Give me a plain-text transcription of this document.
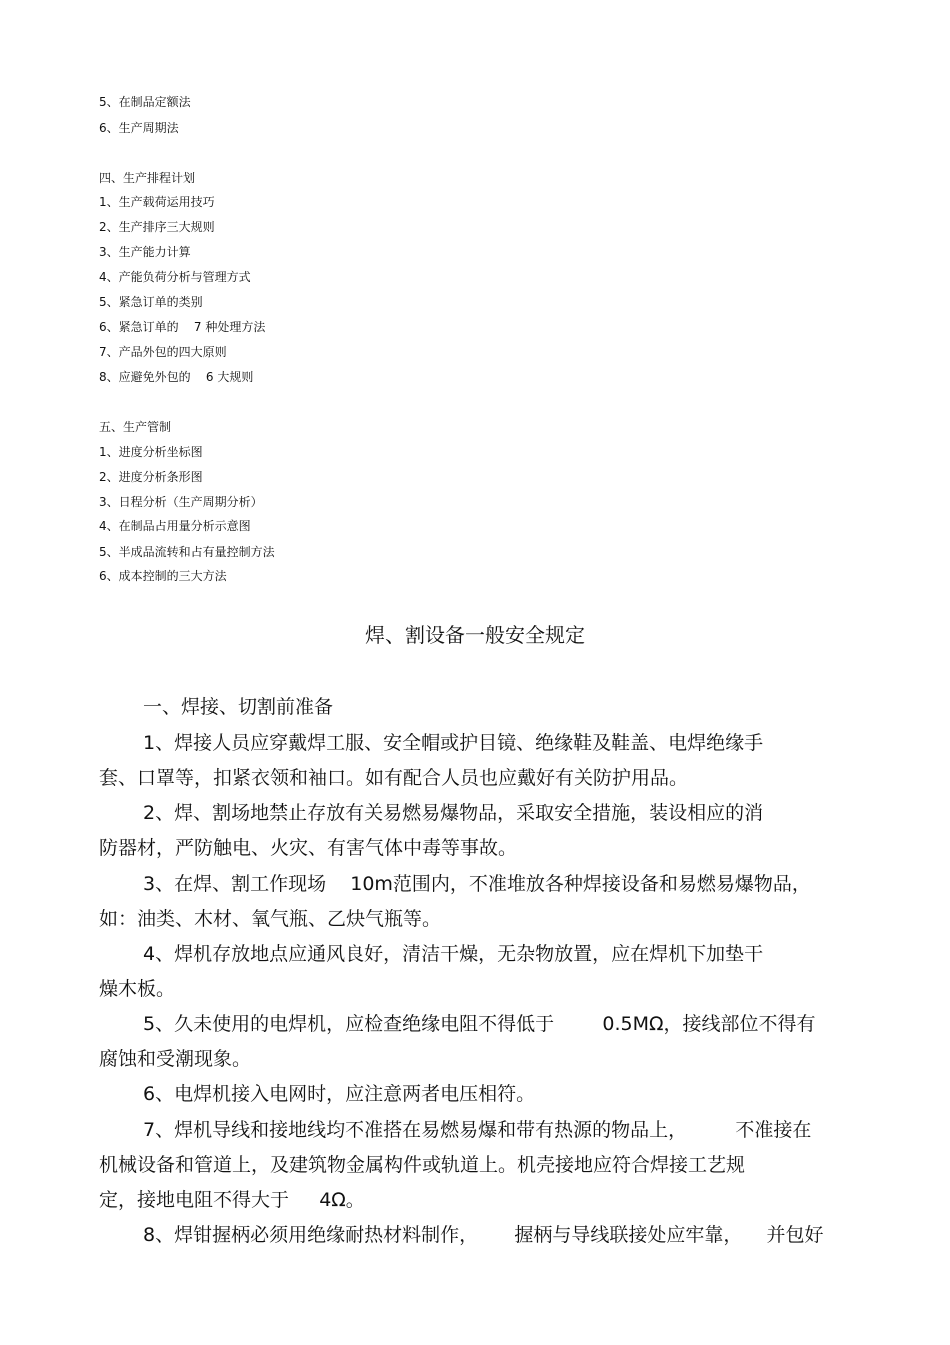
5、在制品定额法
6、生产周期法
四、生产排程计划
1、生产载荷运用技巧
2、生产排序三大规则
3、生产能力计算
4、产能负荷分析与管理方式
5、紧急订单的类别
6、紧急订单的    7 种处理方法
7、产品外包的四大原则
8、应避免外包的    6 大规则
五、生产管制
1、进度分析坐标图
2、进度分析条形图
3、日程分析（生产周期分析）
4、在制品占用量分析示意图
5、半成品流转和占有量控制方法
6、成本控制的三大方法
焊、割设备一般安全规定
一、焊接、切割前准备
1、焊接人员应穿戴焊工服、安全帽或护目镜、绝缘鞋及鞋盖、电焊绝缘手
套、口罩等，扣紧衣领和袖口。如有配合人员也应戴好有关防护用品。
2、焊、割场地禁止存放有关易燃易爆物品，采取安全措施，装设相应的消
防器材，严防触电、火灾、有害气体中毒等事故。
3、在焊、割工作现场    10m范围内，不准堆放各种焊接设备和易燃易爆物品，
如：油类、木材、氧气瓶、乙炔气瓶等。
4、焊机存放地点应通风良好，清洁干燥，无杂物放置，应在焊机下加垫干
燥木板。
5、久未使用的电焊机，应检查绝缘电阻不得低于        0.5MΩ，接线部位不得有
腐蚀和受潮现象。
6、电焊机接入电网时，应注意两者电压相符。
7、焊机导线和接地线均不准搭在易燃易爆和带有热源的物品上，        不准接在
机械设备和管道上，及建筑物金属构件或轨道上。机壳接地应符合焊接工艺规
定，接地电阻不得大于     4Ω。
8、焊钳握柄必须用绝缘耐热材料制作，      握柄与导线联接处应牢靠，    并包好
